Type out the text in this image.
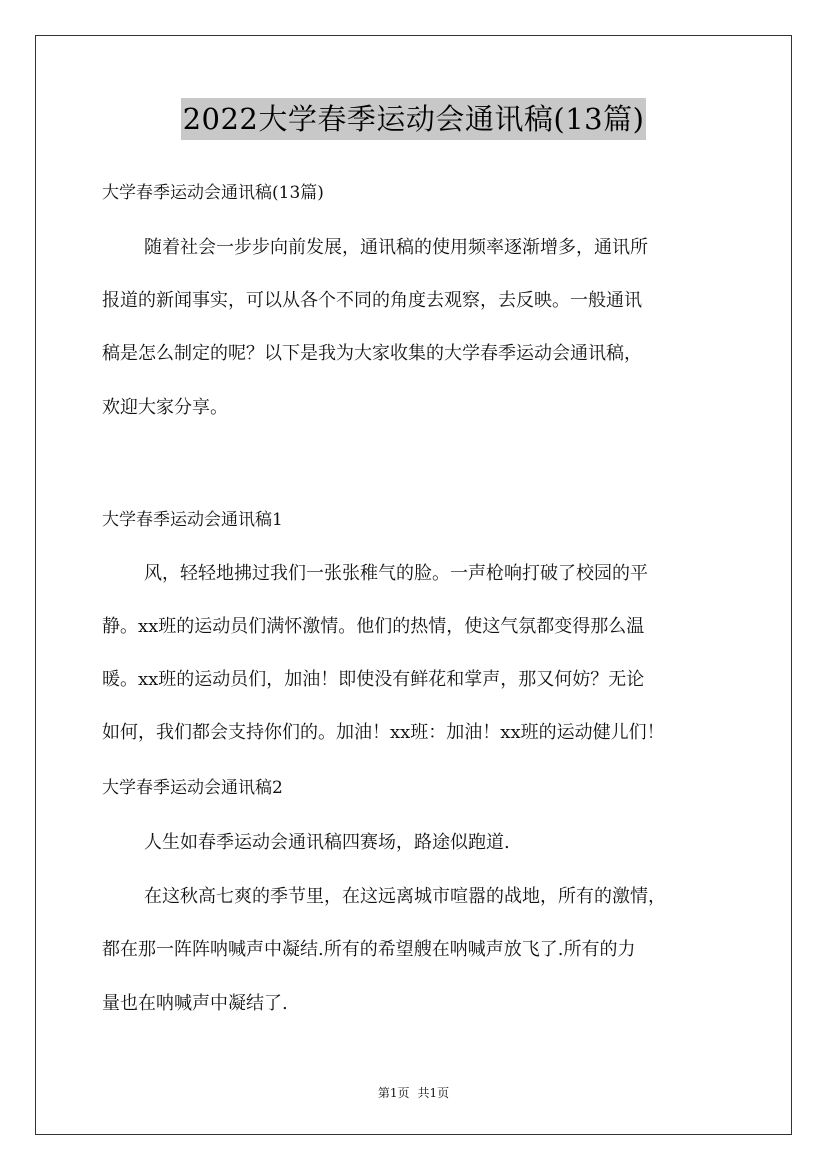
2022大学春季运动会通讯稿(13篇)
大学春季运动会通讯稿(13篇)
随着社会一步步向前发展，通讯稿的使用频率逐渐增多，通讯所
报道的新闻事实，可以从各个不同的角度去观察，去反映。一般通讯
稿是怎么制定的呢？以下是我为大家收集的大学春季运动会通讯稿，
欢迎大家分享。
大学春季运动会通讯稿1
风，轻轻地拂过我们一张张稚气的脸。一声枪响打破了校园的平
静。xx班的运动员们满怀激情。他们的热情，使这气氛都变得那么温
暖。xx班的运动员们，加油！即使没有鲜花和掌声，那又何妨？无论
如何，我们都会支持你们的。加油！xx班：加油！xx班的运动健儿们！
大学春季运动会通讯稿2
人生如春季运动会通讯稿四赛场，路途似跑道.
在这秋高七爽的季节里，在这远离城市喧嚣的战地，所有的激情，
都在那一阵阵呐喊声中凝结.所有的希望艘在呐喊声放飞了.所有的力
量也在呐喊声中凝结了.
第1页 共1页
